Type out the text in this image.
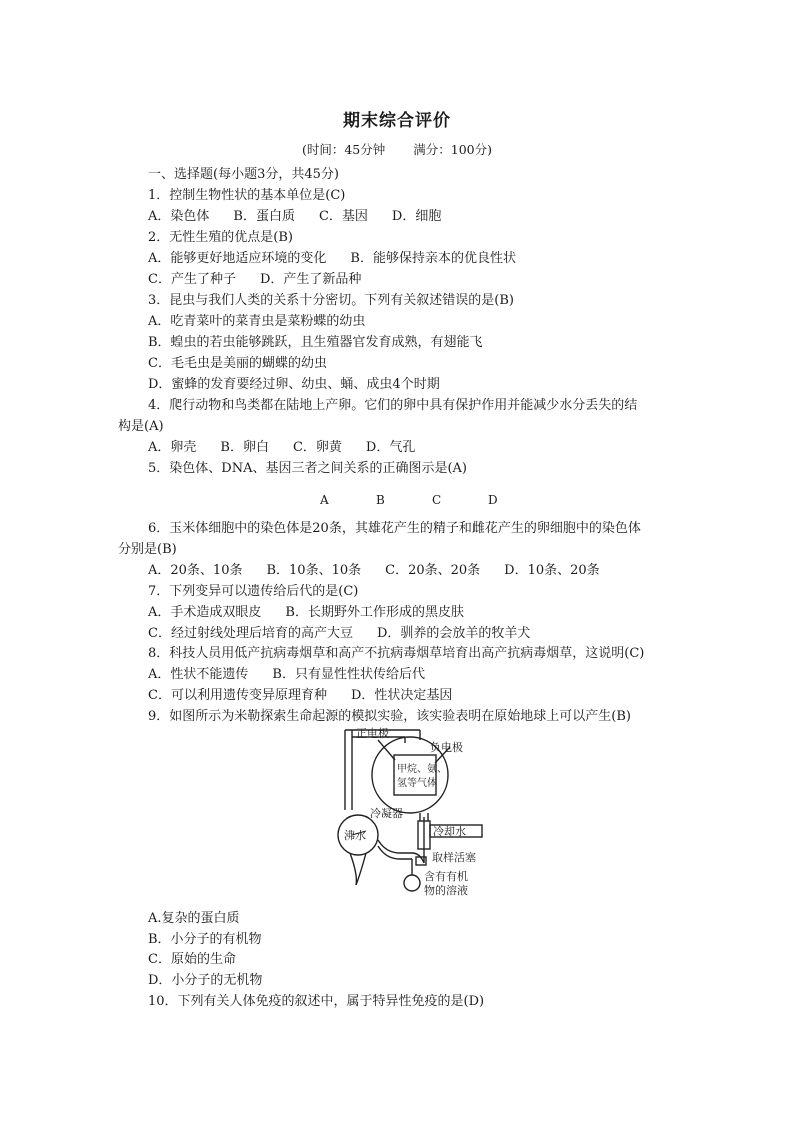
期末综合评价
(时间：45分钟 满分：100分)
一、选择题(每小题3分，共45分)
1．控制生物性状的基本单位是(C)
A．染色体 B．蛋白质 C．基因 D．细胞
2．无性生殖的优点是(B)
A．能够更好地适应环境的变化 B．能够保持亲本的优良性状
C．产生了种子 D．产生了新品种
3．昆虫与我们人类的关系十分密切。下列有关叙述错误的是(B)
A．吃青菜叶的菜青虫是菜粉蝶的幼虫
B．蝗虫的若虫能够跳跃，且生殖器官发育成熟，有翅能飞
C．毛毛虫是美丽的蝴蝶的幼虫
D．蜜蜂的发育要经过卵、幼虫、蛹、成虫4个时期
4．爬行动物和鸟类都在陆地上产卵。它们的卵中具有保护作用并能减少水分丢失的结
构是(A)
A．卵壳 B．卵白 C．卵黄 D．气孔
5．染色体、DNA、基因三者之间关系的正确图示是(A)
A	B	C	D
6．玉米体细胞中的染色体是20条，其雄花产生的精子和雌花产生的卵细胞中的染色体
分别是(B)
A．20条、10条 B．10条、10条 C．20条、20条 D．10条、20条
7．下列变异可以遗传给后代的是(C)
A．手术造成双眼皮 B．长期野外工作形成的黑皮肤
C．经过射线处理后培育的高产大豆 D．驯养的会放羊的牧羊犬
8．科技人员用低产抗病毒烟草和高产不抗病毒烟草培育出高产抗病毒烟草，这说明(C)
A．性状不能遗传 B．只有显性性状传给后代
C．可以利用遗传变异原理育种 D．性状决定基因
9．如图所示为米勒探索生命起源的模拟实验，该实验表明在原始地球上可以产生(B)
正电极
负电极
甲烷、氨、
氢等气体
冷凝器
冷却水
沸水
取样活塞
含有有机
物的溶液
A.复杂的蛋白质
B．小分子的有机物
C．原始的生命
D．小分子的无机物
10．下列有关人体免疫的叙述中，属于特异性免疫的是(D)
